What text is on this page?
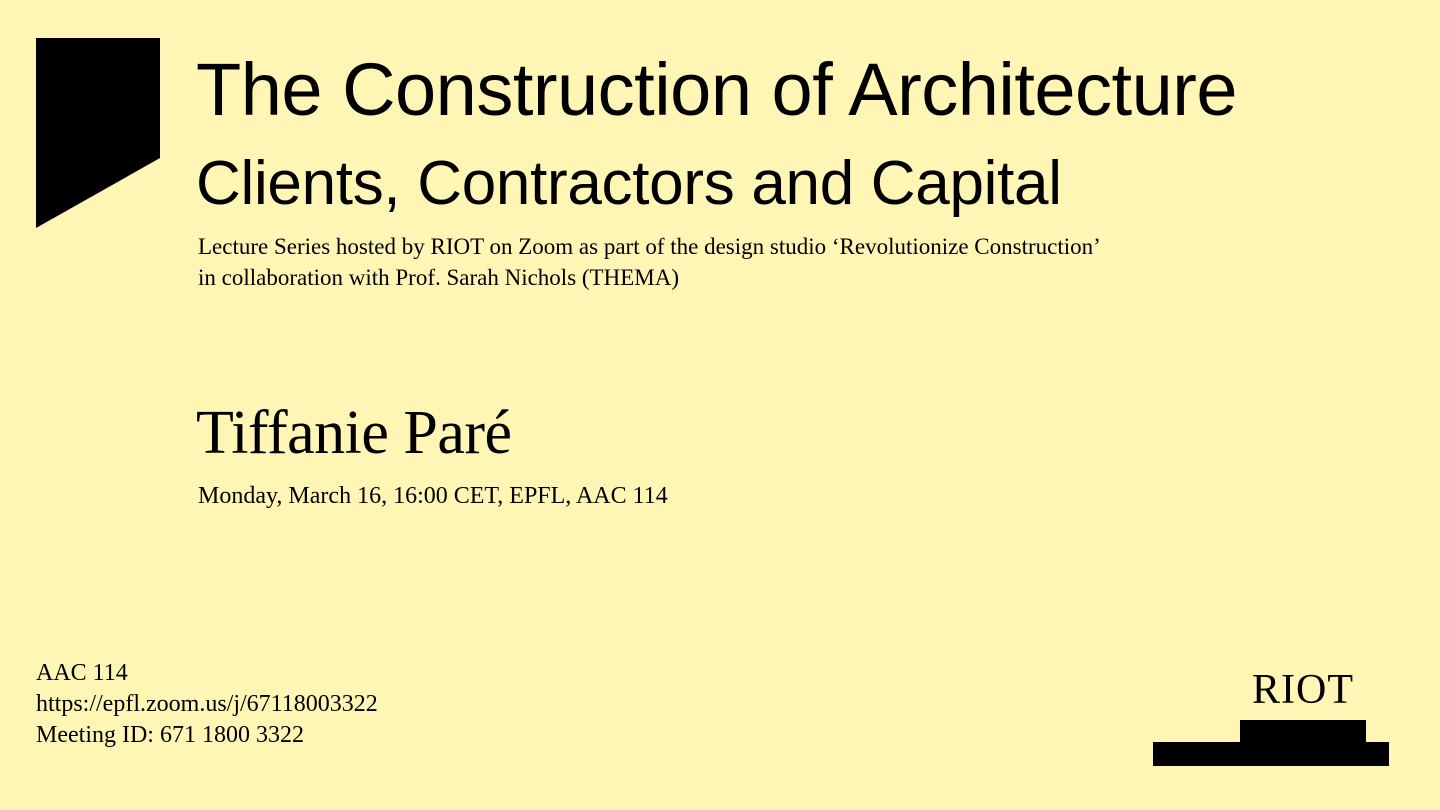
The Construction of Architecture
Clients, Contractors and Capital
Lecture Series hosted by RIOT on Zoom as part of the design studio ‘Revolutionize Construction’
in collaboration with Prof. Sarah Nichols (THEMA)
Tiffanie Paré
Monday, March 16, 16:00 CET, EPFL, AAC 114
AAC 114
https://epfl.zoom.us/j/67118003322
Meeting ID: 671 1800 3322
RIOT
